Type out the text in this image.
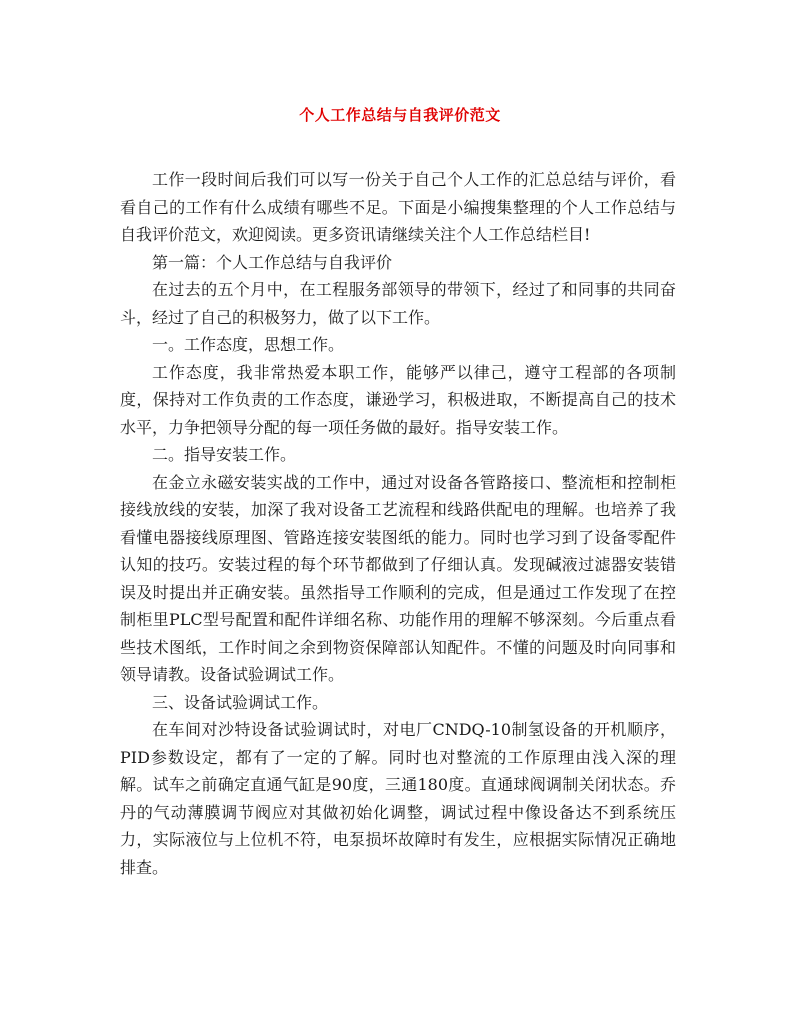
个人工作总结与自我评价范文

工作一段时间后我们可以写一份关于自己个人工作的汇总总结与评价，看看自己的工作有什么成绩有哪些不足。下面是小编搜集整理的个人工作总结与自我评价范文，欢迎阅读。更多资讯请继续关注个人工作总结栏目!

第一篇：个人工作总结与自我评价

在过去的五个月中，在工程服务部领导的带领下，经过了和同事的共同奋斗，经过了自己的积极努力，做了以下工作。

一。工作态度，思想工作。

工作态度，我非常热爱本职工作，能够严以律己，遵守工程部的各项制度，保持对工作负责的工作态度，谦逊学习，积极进取，不断提高自己的技术水平，力争把领导分配的每一项任务做的最好。指导安装工作。

二。指导安装工作。

在金立永磁安装实战的工作中，通过对设备各管路接口、整流柜和控制柜接线放线的安装，加深了我对设备工艺流程和线路供配电的理解。也培养了我看懂电器接线原理图、管路连接安装图纸的能力。同时也学习到了设备零配件认知的技巧。安装过程的每个环节都做到了仔细认真。发现碱液过滤器安装错误及时提出并正确安装。虽然指导工作顺利的完成，但是通过工作发现了在控制柜里PLC型号配置和配件详细名称、功能作用的理解不够深刻。今后重点看些技术图纸，工作时间之余到物资保障部认知配件。不懂的问题及时向同事和领导请教。设备试验调试工作。

三、设备试验调试工作。

在车间对沙特设备试验调试时，对电厂CNDQ-10制氢设备的开机顺序，PID参数设定，都有了一定的了解。同时也对整流的工作原理由浅入深的理解。试车之前确定直通气缸是90度，三通180度。直通球阀调制关闭状态。乔丹的气动薄膜调节阀应对其做初始化调整，调试过程中像设备达不到系统压力，实际液位与上位机不符，电泵损坏故障时有发生，应根据实际情况正确地排查。
